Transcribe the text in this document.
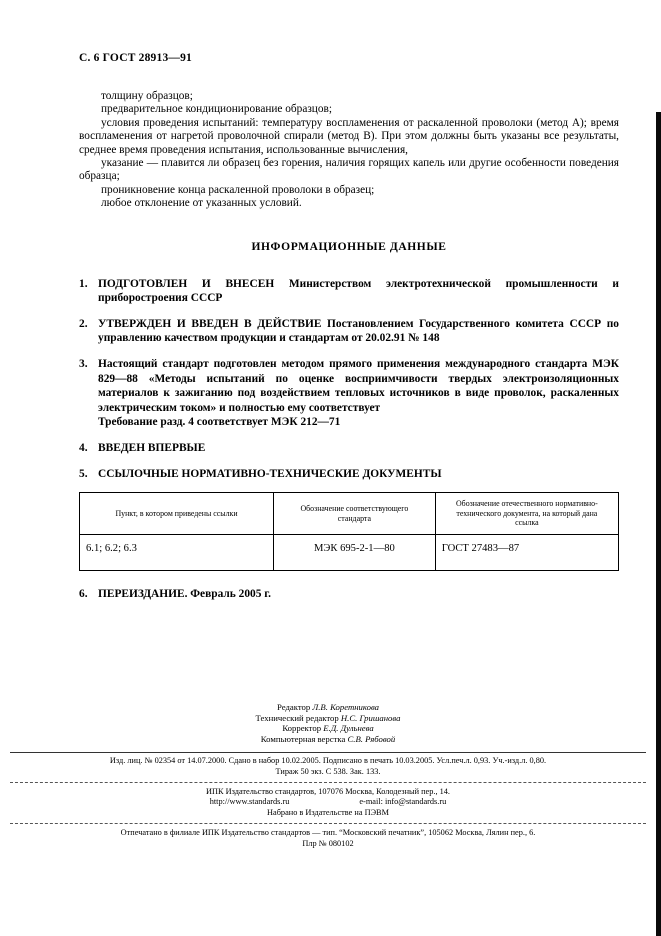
С. 6 ГОСТ 28913—91

толщину образцов;

предварительное кондиционирование образцов;

условия проведения испытаний: температуру воспламенения от раскаленной проволоки (метод А); время воспламенения от нагретой проволочной спирали (метод В). При этом должны быть указаны все результаты, среднее время проведения испытания, использованные вычисления,

указание — плавится ли образец без горения, наличия горящих капель или другие особенности поведения образца;

проникновение конца раскаленной проволоки в образец;

любое отклонение от указанных условий.

ИНФОРМАЦИОННЫЕ ДАННЫЕ
1. ПОДГОТОВЛЕН И ВНЕСЕН Министерством электротехнической промышленности и приборостроения СССР
2. УТВЕРЖДЕН И ВВЕДЕН В ДЕЙСТВИЕ Постановлением Государственного комитета СССР по управлению качеством продукции и стандартам от 20.02.91 № 148
3. Настоящий стандарт подготовлен методом прямого применения международного стандарта МЭК 829—88 «Методы испытаний по оценке восприимчивости твердых электроизоляционных материалов к зажиганию под воздействием тепловых источников в виде проволок, раскаленных электрическим током» и полностью ему соответствует
Требование разд. 4 соответствует МЭК 212—71
4. ВВЕДЕН ВПЕРВЫЕ
5. ССЫЛОЧНЫЕ НОРМАТИВНО-ТЕХНИЧЕСКИЕ ДОКУМЕНТЫ
Пункт, в котором приведены ссылки	Обозначение соответствующего стандарта	Обозначение отечественного нормативно-технического документа, на который дана ссылка
6.1; 6.2; 6.3	МЭК 695-2-1—80	ГОСТ 27483—87
6. ПЕРЕИЗДАНИЕ. Февраль 2005 г.
Редактор Л.В. Коретникова
Технический редактор Н.С. Гришанова
Корректор Е.Д. Дульнева
Компьютерная верстка С.В. Рябовой
Изд. лиц. № 02354 от 14.07.2000. Сдано в набор 10.02.2005. Подписано в печать 10.03.2005. Усл.печ.л. 0,93. Уч.-изд.л. 0,80.
Тираж 50 экз. С 538. Зак. 133.
ИПК Издательство стандартов, 107076 Москва, Колодезный пер., 14.
http://www.standards.ru	e-mail: info@standards.ru
Набрано в Издательстве на ПЭВМ
Отпечатано в филиале ИПК Издательство стандартов — тип. “Московский печатник”, 105062 Москва, Лялин пер., 6.
Плр № 080102
